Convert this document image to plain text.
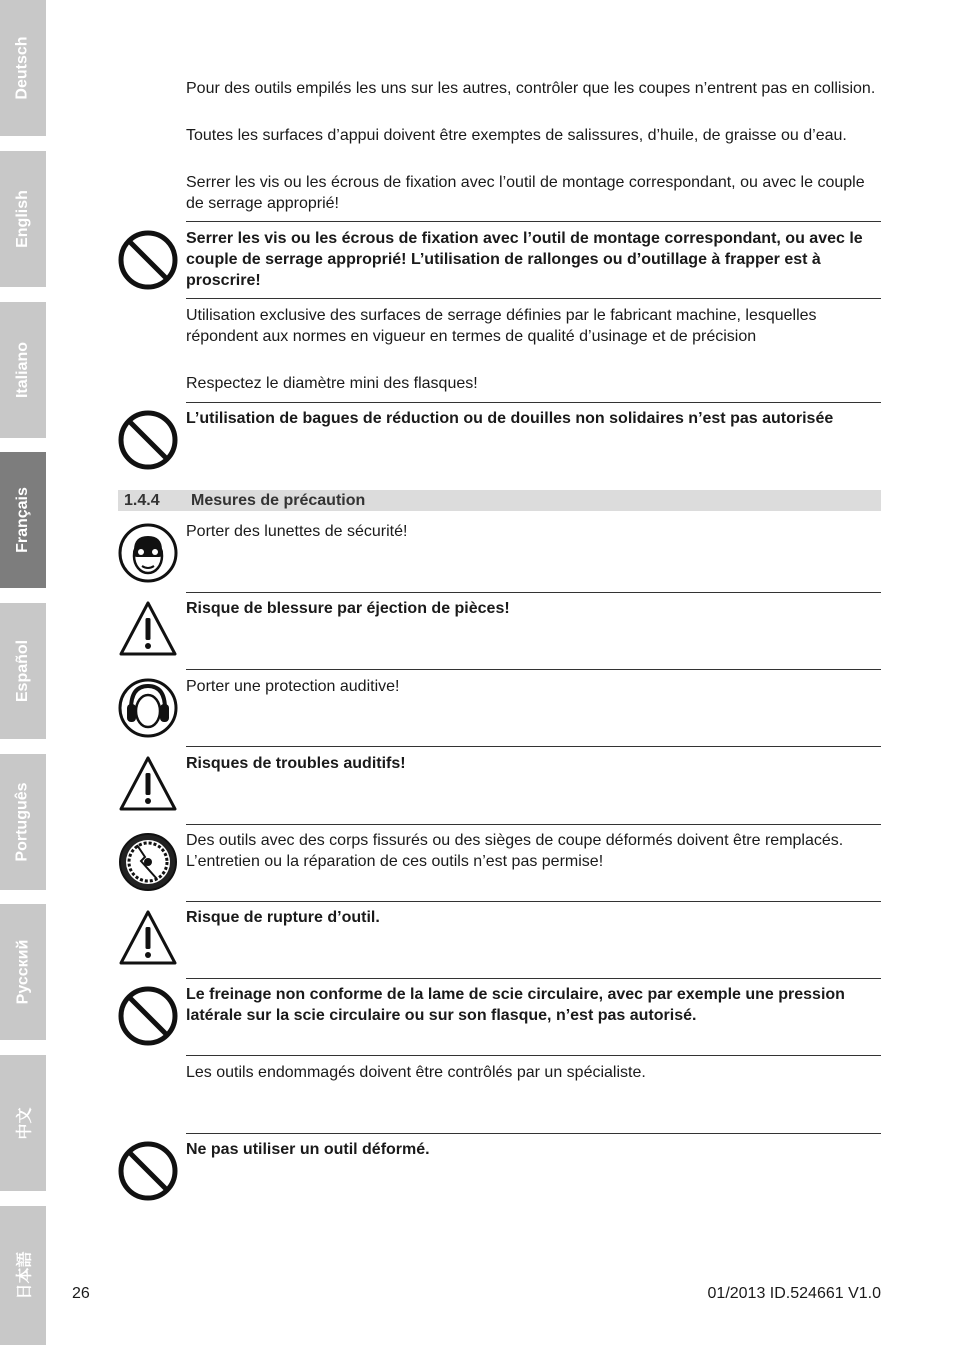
Deutsch
English
Italiano
Français
Español
Português
Русский
中文
日本語

Pour des outils empilés les uns sur les autres, contrôler que les coupes n’entrent pas en collision.

Toutes les surfaces d’appui doivent être exemptes de salissures, d’huile, de graisse ou d’eau.

Serrer les vis ou les écrous de fixation avec l’outil de montage correspondant, ou avec le couple de serrage approprié!

Serrer les vis ou les écrous de fixation avec l’outil de montage correspondant, ou avec le couple de serrage approprié! L’utilisation de rallonges ou d’outillage à frapper est à proscrire!

Utilisation exclusive des surfaces de serrage définies par le fabricant machine, lesquelles répondent aux normes en vigueur en termes de qualité d’usinage et de précision

Respectez le diamètre mini des flasques!

L’utilisation de bagues de réduction ou de douilles non solidaires n’est pas autorisée

1.4.4 Mesures de précaution

Porter des lunettes de sécurité!

Risque de blessure par éjection de pièces!

Porter une protection auditive!

Risques de troubles auditifs!

Des outils avec des corps fissurés ou des sièges de coupe déformés doivent être remplacés. L’entretien ou la réparation de ces outils n’est pas permise!

Risque de rupture d’outil.

Le freinage non conforme de la lame de scie circulaire, avec par exemple une pression latérale sur la scie circulaire ou sur son flasque, n’est pas autorisé.

Les outils endommagés doivent être contrôlés par un spécialiste.

Ne pas utiliser un outil déformé.

26	01/2013 ID.524661 V1.0
